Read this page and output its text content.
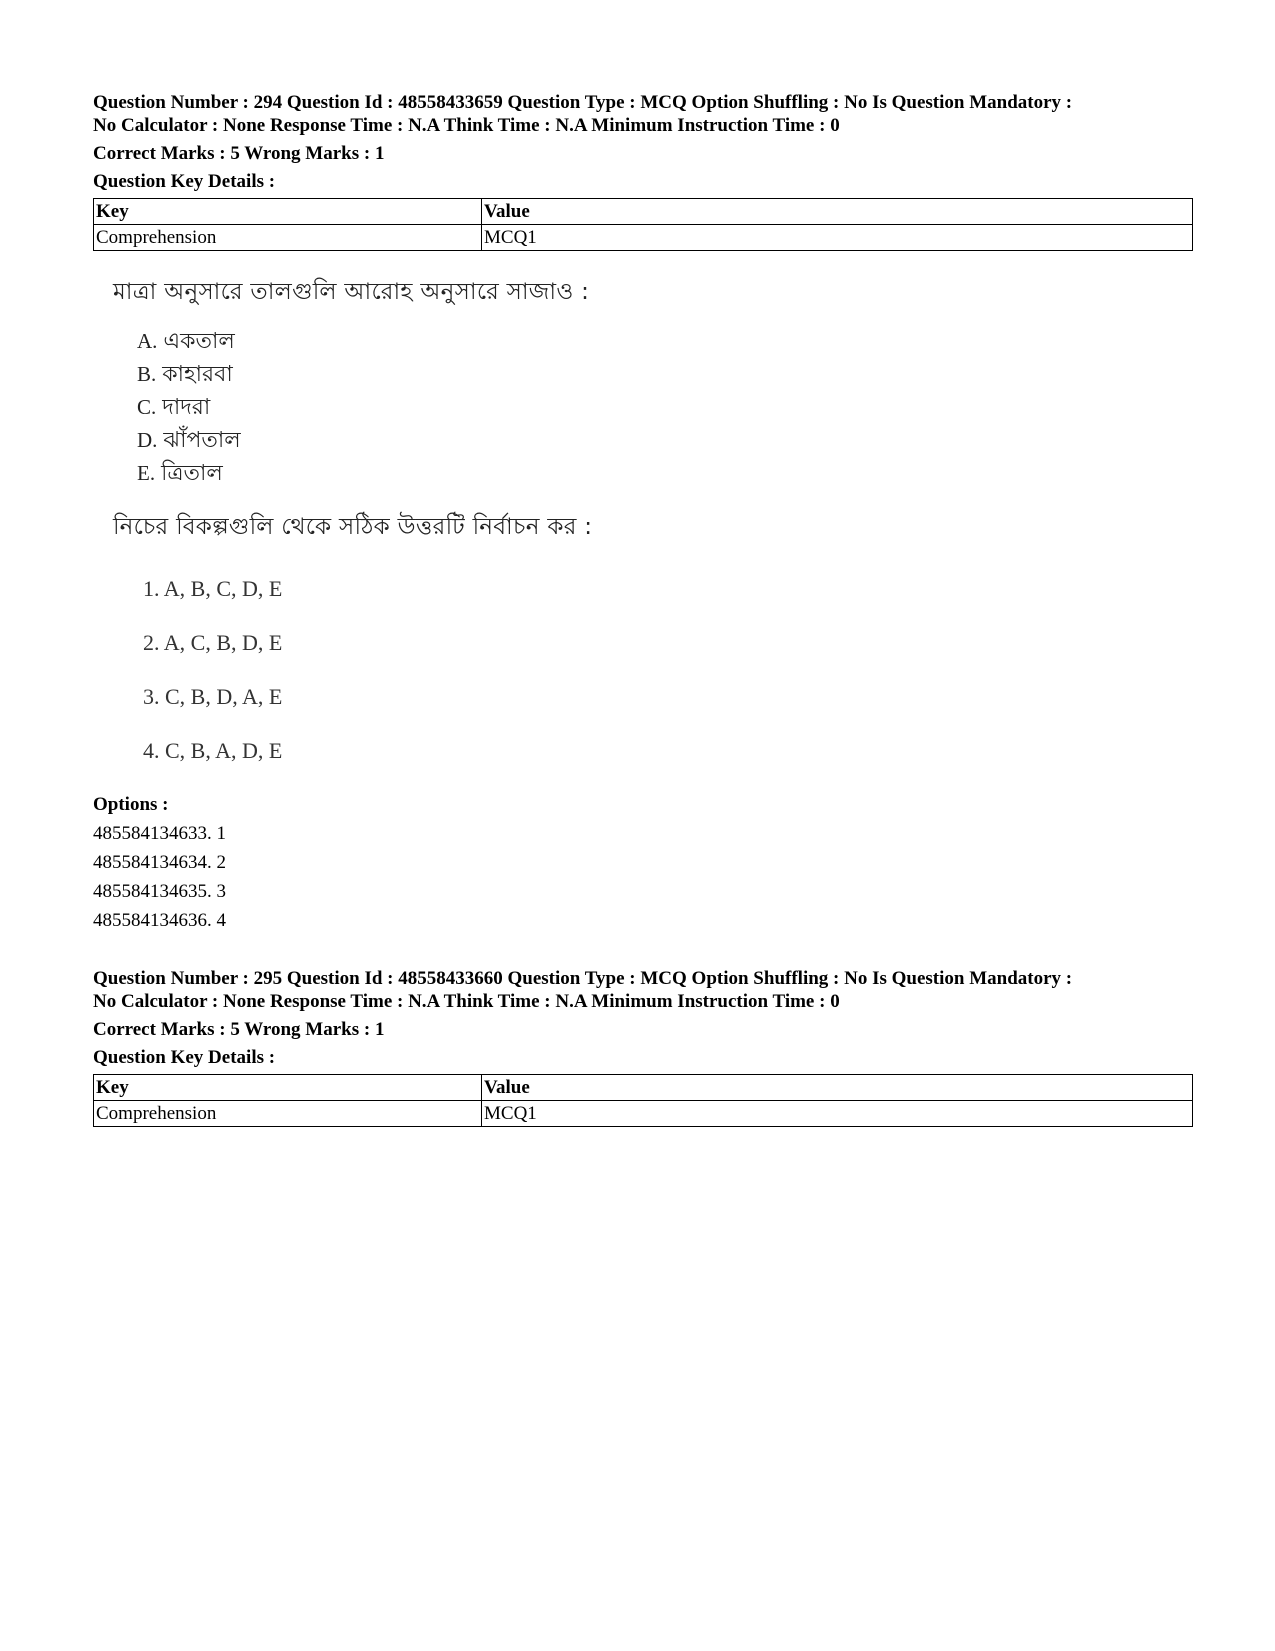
Question Number : 294 Question Id : 48558433659 Question Type : MCQ Option Shuffling : No Is Question Mandatory :

No Calculator : None Response Time : N.A Think Time : N.A Minimum Instruction Time : 0

Correct Marks : 5 Wrong Marks : 1
Question Key Details :
Key	Value
Comprehension	MCQ1
মাত্রা অনুসারে তালগুলি আরোহ অনুসারে সাজাও :
A. একতাল
B. কাহারবা
C. দাদরা
D. ঝাঁপতাল
E. ত্রিতাল
নিচের বিকল্পগুলি থেকে সঠিক উত্তরটি নির্বাচন কর :
1. A, B, C, D, E
2. A, C, B, D, E
3. C, B, D, A, E
4. C, B, A, D, E
Options :
485584134633. 1
485584134634. 2
485584134635. 3
485584134636. 4

Question Number : 295 Question Id : 48558433660 Question Type : MCQ Option Shuffling : No Is Question Mandatory :

No Calculator : None Response Time : N.A Think Time : N.A Minimum Instruction Time : 0

Correct Marks : 5 Wrong Marks : 1
Question Key Details :
Key	Value
Comprehension	MCQ1
